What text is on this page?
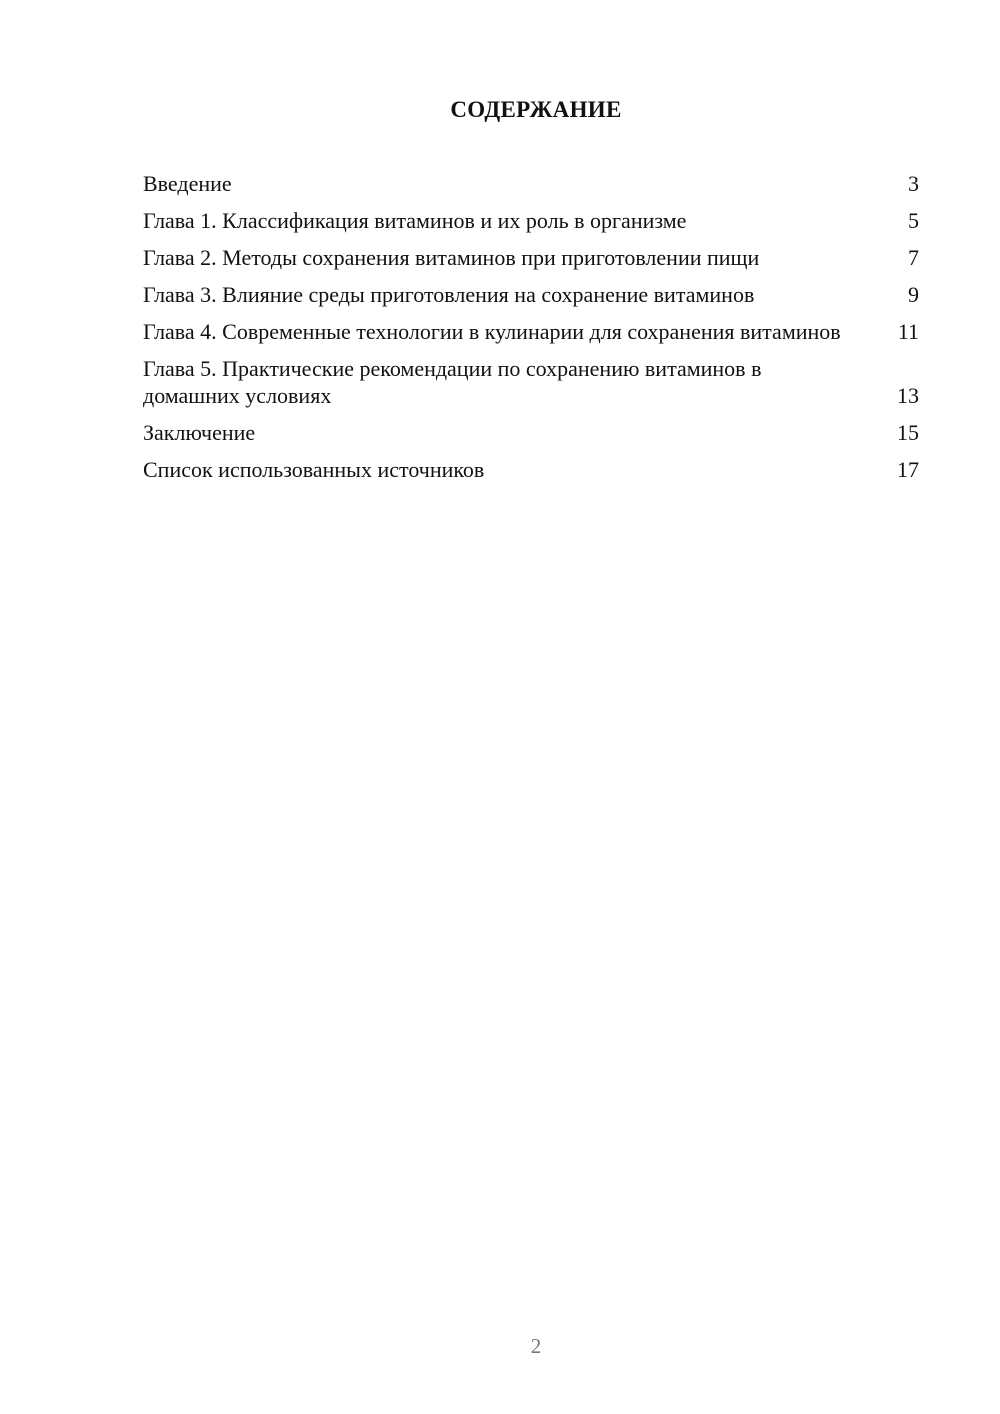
СОДЕРЖАНИЕ
Введение	3
Глава 1. Классификация витаминов и их роль в организме	5
Глава 2. Методы сохранения витаминов при приготовлении пищи	7
Глава 3. Влияние среды приготовления на сохранение витаминов	9
Глава 4. Современные технологии в кулинарии для сохранения витаминов	11
Глава 5. Практические рекомендации по сохранению витаминов в домашних условиях	13
Заключение	15
Список использованных источников	17
2
